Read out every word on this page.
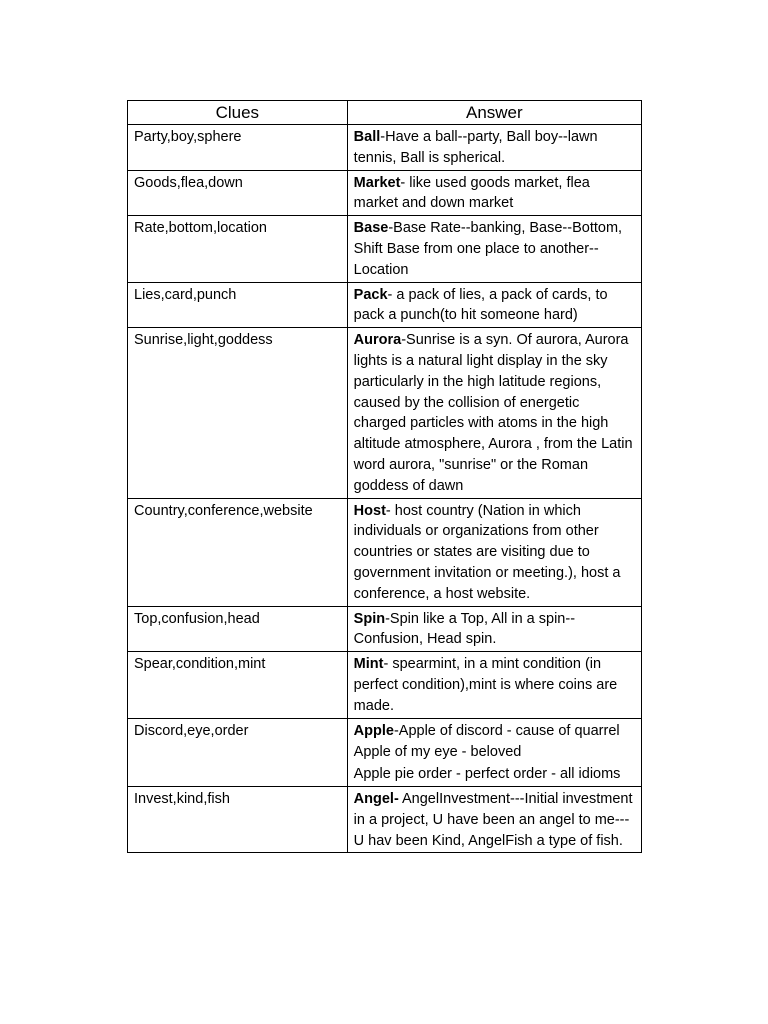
Clues	Answer
Party,boy,sphere	Ball-Have a ball--party, Ball boy--lawn tennis, Ball is spherical.

Goods,flea,down	Market- like used goods market, flea market and down market

Rate,bottom,location	Base-Base Rate--banking, Base--Bottom, Shift Base from one place to another--Location

Lies,card,punch	Pack- a pack of lies, a pack of cards, to pack a punch(to hit someone hard)

Sunrise,light,goddess	Aurora-Sunrise is a syn. Of aurora, Aurora lights is a natural light display in the sky particularly in the high latitude regions, caused by the collision of energetic charged particles with atoms in the high altitude atmosphere, Aurora , from the Latin word aurora, "sunrise" or the Roman goddess of dawn

Country,conference,website	Host- host country (Nation in which individuals or organizations from other countries or states are visiting due to government invitation or meeting.), host a conference, a host website.

Top,confusion,head	Spin-Spin like a Top, All in a spin--Confusion, Head spin.

Spear,condition,mint	Mint- spearmint, in a mint condition (in perfect condition),mint is where coins are made.

Discord,eye,order	Apple-Apple of discord - cause of quarrel
Apple of my eye - beloved
Apple pie order - perfect order - all idioms

Invest,kind,fish	Angel- AngelInvestment---Initial investment in a project, U have been an angel to me---U hav been Kind, AngelFish a type of fish.
